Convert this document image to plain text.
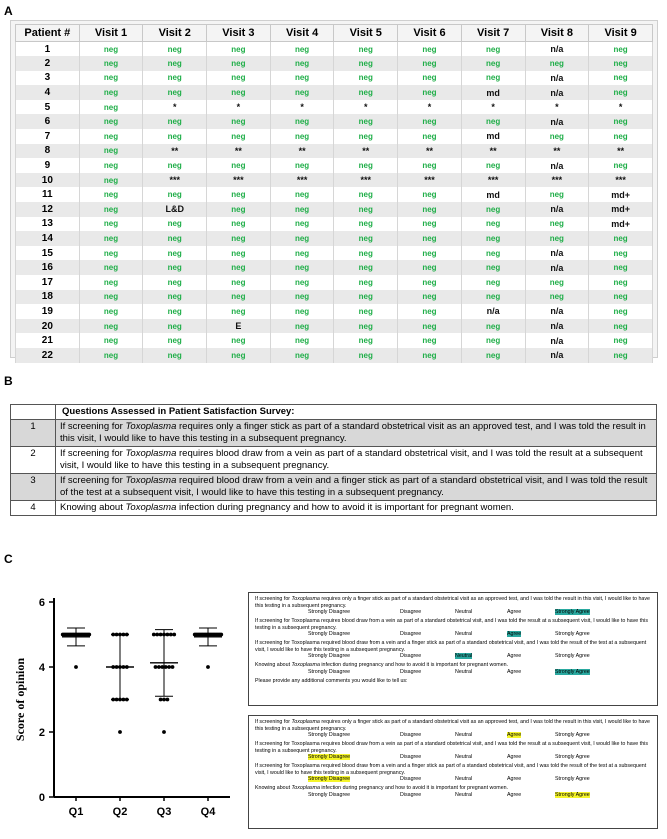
A
B
C
Patient #	Visit 1	Visit 2	Visit 3	Visit 4	Visit 5	Visit 6	Visit 7	Visit 8	Visit 9
1	neg	neg	neg	neg	neg	neg	neg	n/a	neg
2	neg	neg	neg	neg	neg	neg	neg	neg	neg
3	neg	neg	neg	neg	neg	neg	neg	n/a	neg
4	neg	neg	neg	neg	neg	neg	md	n/a	neg
5	neg	*	*	*	*	*	*	*	*
6	neg	neg	neg	neg	neg	neg	neg	n/a	neg
7	neg	neg	neg	neg	neg	neg	md	neg	neg
8	neg	**	**	**	**	**	**	**	**
9	neg	neg	neg	neg	neg	neg	neg	n/a	neg
10	neg	***	***	***	***	***	***	***	***
11	neg	neg	neg	neg	neg	neg	md	neg	md+
12	neg	L&D	neg	neg	neg	neg	neg	n/a	md+
13	neg	neg	neg	neg	neg	neg	neg	neg	md+
14	neg	neg	neg	neg	neg	neg	neg	neg	neg
15	neg	neg	neg	neg	neg	neg	neg	n/a	neg
16	neg	neg	neg	neg	neg	neg	neg	n/a	neg
17	neg	neg	neg	neg	neg	neg	neg	neg	neg
18	neg	neg	neg	neg	neg	neg	neg	neg	neg
19	neg	neg	neg	neg	neg	neg	n/a	n/a	neg
20	neg	neg	E	neg	neg	neg	neg	n/a	neg
21	neg	neg	neg	neg	neg	neg	neg	n/a	neg
22	neg	neg	neg	neg	neg	neg	neg	n/a	neg
	Questions Assessed in Patient Satisfaction Survey:
1	If screening for Toxoplasma requires only a finger stick as part of a standard obstetrical visit as an approved test, and I was told the result in this visit, I would like to have this testing in a subsequent pregnancy.
2	If screening for Toxoplasma requires blood draw from a vein as part of a standard obstetrical visit, and I was told the result at a subsequent visit, I would like to have this testing in a subsequent pregnancy.
3	If screening for Toxoplasma required blood draw from a vein and a finger stick as part of a standard obstetrical visit, and I was told the result of the test at a subsequent visit, I would like to have this testing in a subsequent pregnancy.
4	Knowing about Toxoplasma infection during pregnancy and how to avoid it is important for pregnant women.
0
2
4
6
Score of opinion
Q1	Q2	Q3	Q4
If screening for Toxoplasma requires only a finger stick as part of a standard obstetrical visit as an approved test, and I was told the result in this visit, I would like to have this testing in a subsequent pregnancy.
Strongly Disagree	Disagree	Neutral	Agree	Strongly Agree
If screening for Toxoplasma requires blood draw from a vein as part of a standard obstetrical visit, and I was told the result at a subsequent visit, I would like to have this testing in a subsequent pregnancy.
Strongly Disagree	Disagree	Neutral	Agree	Strongly Agree
If screening for Toxoplasma required blood draw from a vein and a finger stick as part of a standard obstetrical visit, and I was told the result of the test at a subsequent visit, I would like to have this testing in a subsequent pregnancy.
Strongly Disagree	Disagree	Neutral	Agree	Strongly Agree
Knowing about Toxoplasma infection during pregnancy and how to avoid it is important for pregnant women.
Strongly Disagree	Disagree	Neutral	Agree	Strongly Agree
Please provide any additional comments you would like to tell us:
If screening for Toxoplasma requires only a finger stick as part of a standard obstetrical visit as an approved test, and I was told the result in this visit, I would like to have this testing in a subsequent pregnancy.
Strongly Disagree	Disagree	Neutral	Agree	Strongly Agree
If screening for Toxoplasma requires blood draw from a vein as part of a standard obstetrical visit, and I was told the result at a subsequent visit, I would like to have this testing in a subsequent pregnancy.
Strongly Disagree	Disagree	Neutral	Agree	Strongly Agree
If screening for Toxoplasma required blood draw from a vein and a finger stick as part of a standard obstetrical visit, and I was told the result of the test at a subsequent visit, I would like to have this testing in a subsequent pregnancy.
Strongly Disagree	Disagree	Neutral	Agree	Strongly Agree
Knowing about Toxoplasma infection during pregnancy and how to avoid it is important for pregnant women.
Strongly Disagree	Disagree	Neutral	Agree	Strongly Agree
